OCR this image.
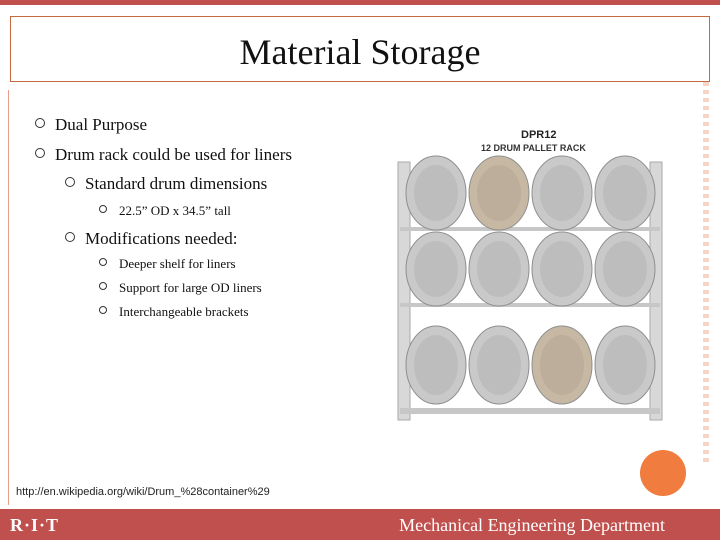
Material Storage
Dual Purpose
Drum rack could be used for liners
Standard drum dimensions
22.5” OD x 34.5” tall
Modifications needed:
Deeper shelf for liners
Support for large OD liners
Interchangeable brackets
DPR12
12 DRUM PALLET RACK
http://en.wikipedia.org/wiki/Drum_%28container%29
R·I·T	Mechanical Engineering Department
